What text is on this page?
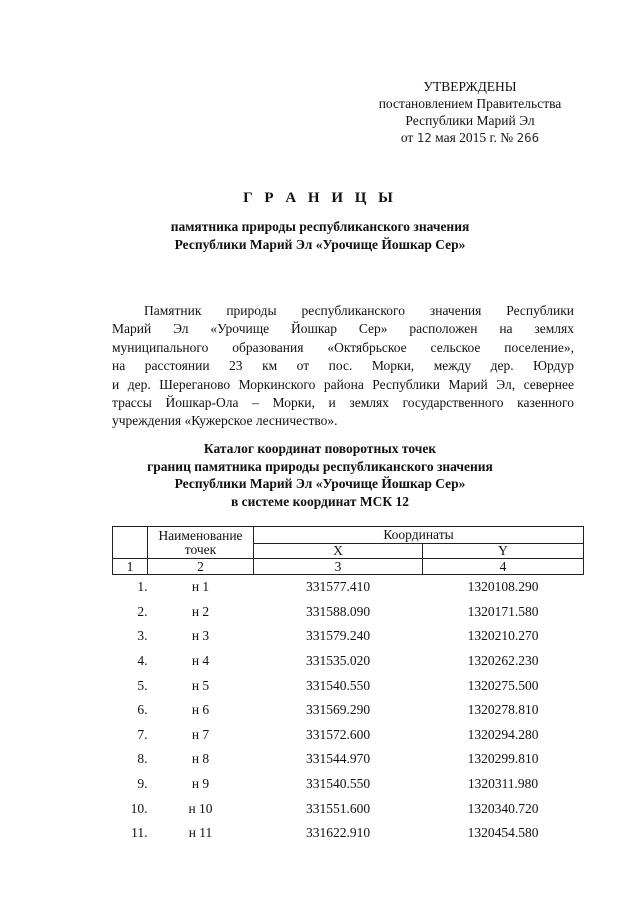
УТВЕРЖДЕНЫ
постановлением Правительства
Республики Марий Эл
от 12 мая 2015 г. № 266
Г Р А Н И Ц Ы
памятника природы республиканского значения
Республики Марий Эл «Урочище Йошкар Сер»
Памятник природы республиканского значения Республики
Марий Эл «Урочище Йошкар Сер» расположен на землях
муниципального образования «Октябрьское сельское поселение»,
на расстоянии 23 км от пос. Морки, между дер. Юрдур
и дер. Шереганово Моркинского района Республики Марий Эл, севернее
трассы Йошкар-Ола – Морки, и землях государственного казенного
учреждения «Кужерское лесничество».
Каталог координат поворотных точек
границ памятника природы республиканского значения
Республики Марий Эл «Урочище Йошкар Сер»
в системе координат МСК 12

	Наименование
точек	Координаты	
		X	Y
1	2	3	4
1.	н 1	331577.410	1320108.290
2.	н 2	331588.090	1320171.580
3.	н 3	331579.240	1320210.270
4.	н 4	331535.020	1320262.230
5.	н 5	331540.550	1320275.500
6.	н 6	331569.290	1320278.810
7.	н 7	331572.600	1320294.280
8.	н 8	331544.970	1320299.810
9.	н 9	331540.550	1320311.980
10.	н 10	331551.600	1320340.720
11.	н 11	331622.910	1320454.580
